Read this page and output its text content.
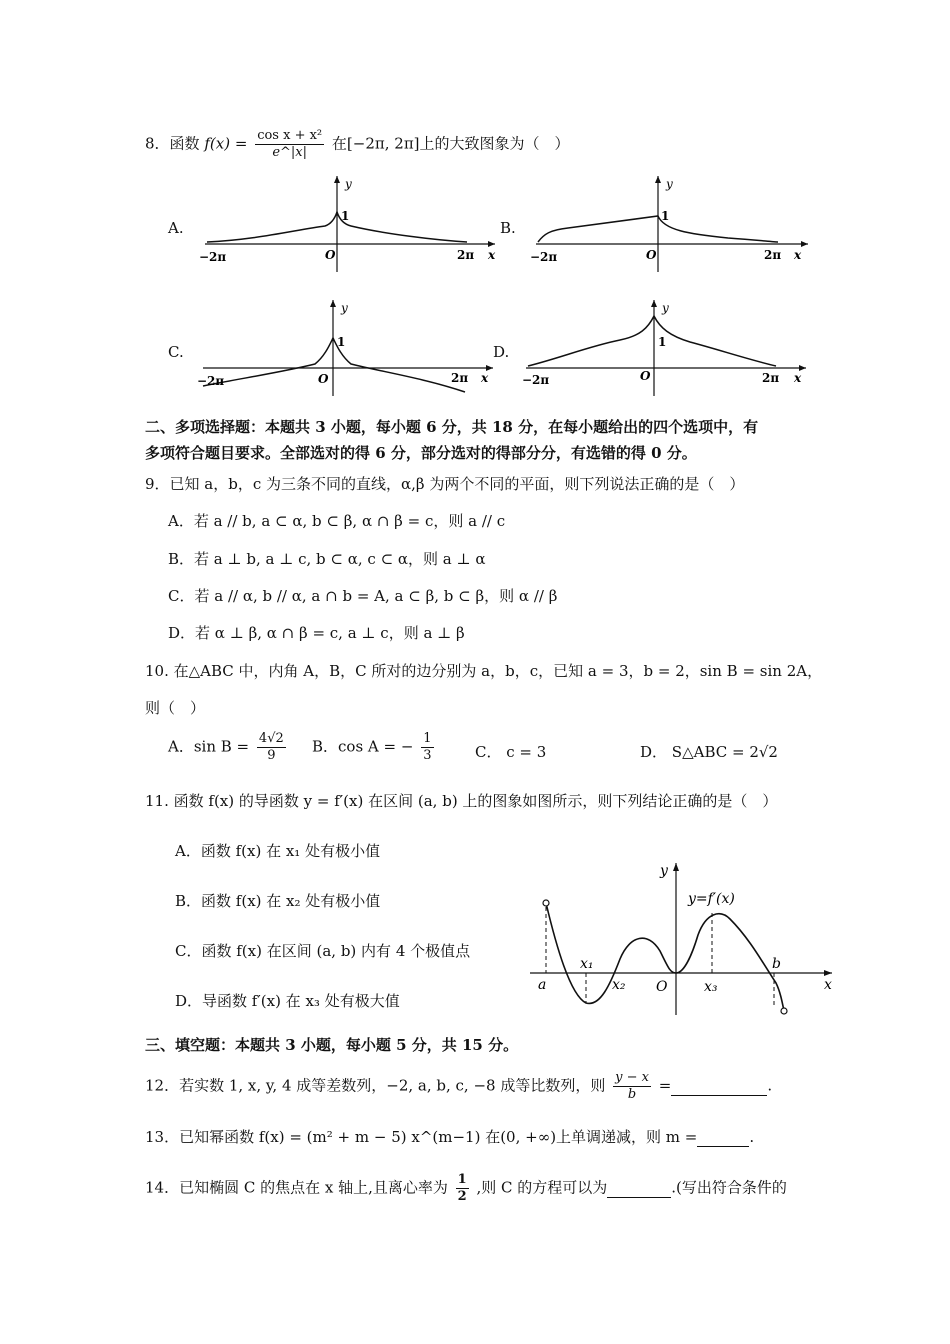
8．函数 $f(x) = \frac{\text{cos x + x²}}{e\^{}|x|}$ 在[−2π, 2π]上的大致图象为（　）
A.
y
1
O
−2π	2π x
B.
y
1
O
−2π	2π x
C.
y
1
O
−2π	2π x
D.
y
1
O
−2π	2π x
二、多项选择题：本题共 3 小题，每小题 6 分，共 18 分，在每小题给出的四个选项中，有
多项符合题目要求。全部选对的得 6 分，部分选对的得部分分，有选错的得 0 分。
9．已知 a，b，c 为三条不同的直线，α,β 为两个不同的平面，则下列说法正确的是（　）
A．若 a // b, a ⊂ α, b ⊂ β, α ∩ β = c，则 a // c
B．若 a ⊥ b, a ⊥ c, b ⊂ α, c ⊂ α，则 a ⊥ α
C．若 a // α, b // α, a ∩ b = A, a ⊂ β, b ⊂ β，则 α // β
D．若 α ⊥ β, α ∩ β = c, a ⊥ c，则 a ⊥ β
10. 在△ABC 中，内角 A，B，C 所对的边分别为 a，b，c，已知 a = 3，b = 2，sin B = sin 2A，
则（　）
A．$\sin B = \frac{4√2}{9}$ B．cos A = − $\frac{1}{3}$	C． c = 3	D． S△ABC = 2√2
11. 函数 f(x) 的导函数 y = f′(x) 在区间 (a, b) 上的图象如图所示，则下列结论正确的是（　）
A．函数 f(x) 在 x₁ 处有极小值
B．函数 f(x) 在 x₂ 处有极小值
C．函数 f(x) 在区间 (a, b) 内有 4 个极值点
D．导函数 f′(x) 在 x₃ 处有极大值
y
y=f′(x)
a
x₁
x₂ O	x₃
b
x
三、填空题：本题共 3 小题，每小题 5 分，共 15 分。
12．若实数 1, x, y, 4 成等差数列，−2, a, b, c, −8 成等比数列，则 $\frac{y - x}{b}$ =	.
13．已知幂函数 f(x) = (m² + m − 5) x^(m−1) 在(0, +∞)上单调递减，则 m =	.
14．已知椭圆 C 的焦点在 x 轴上,且离心率为 $\frac{1}{2}$ ,则 C 的方程可以为	.(写出符合条件的
